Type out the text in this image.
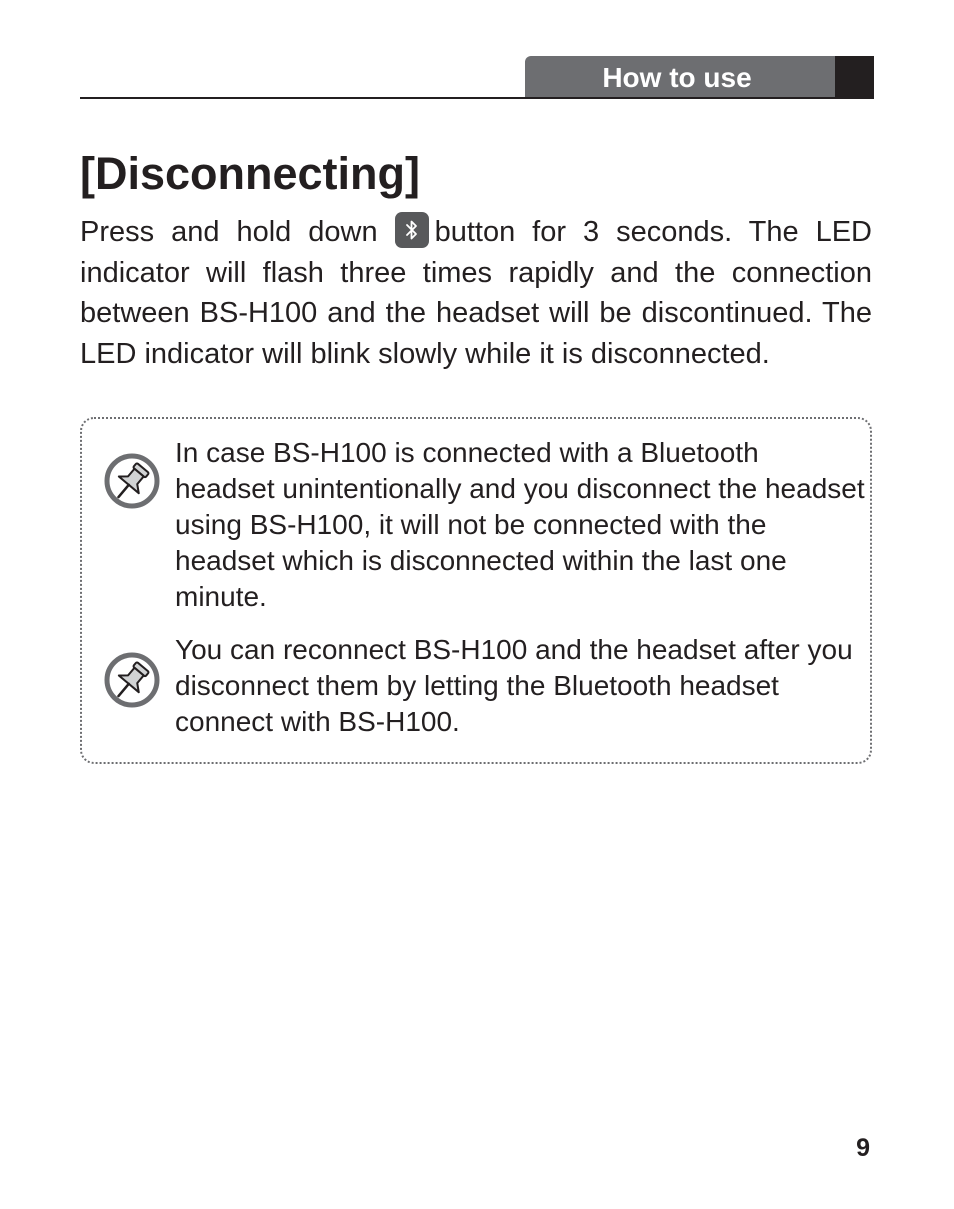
How to use
[Disconnecting]

Press and hold down
button for 3 seconds. The LED indicator will flash three times rapidly and the connection between BS-H100 and the headset will be discontinued. The LED indicator will blink slowly while it is disconnected.

In case BS-H100 is connected with a Bluetooth headset unintentionally and you disconnect the headset using BS-H100, it will not be connected with the headset which is disconnected within the last one minute.

You can reconnect BS-H100 and the headset after you disconnect them by letting the Bluetooth headset connect with BS-H100.

9
